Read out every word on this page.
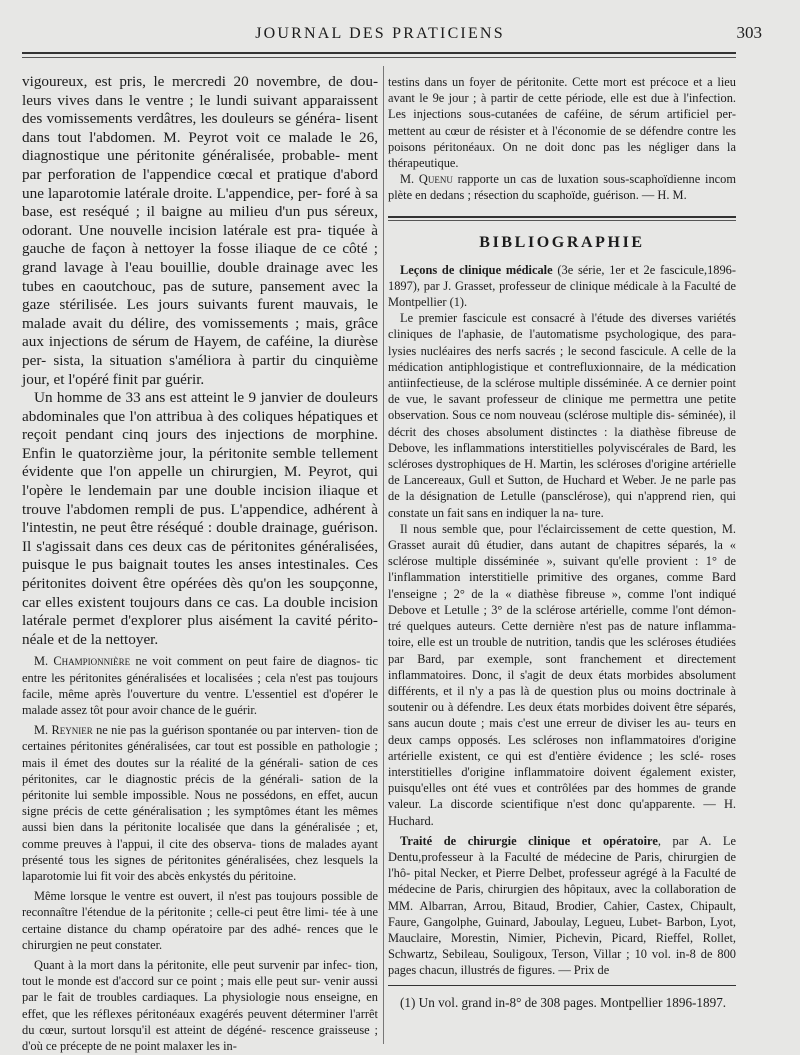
JOURNAL DES PRATICIENS	303
vigoureux, est pris, le mercredi 20 novembre, de dou- leurs vives dans le ventre ; le lundi suivant apparaissent des vomissements verdâtres, les douleurs se généra- lisent dans tout l'abdomen. M. Peyrot voit ce malade le 26, diagnostique une péritonite généralisée, probable- ment par perforation de l'appendice cœcal et pratique d'abord une laparotomie latérale droite. L'appendice, per- foré à sa base, est reséqué ; il baigne au milieu d'un pus séreux, odorant. Une nouvelle incision latérale est pra- tiquée à gauche de façon à nettoyer la fosse iliaque de ce côté ; grand lavage à l'eau bouillie, double drainage avec les tubes en caoutchouc, pas de suture, pansement avec la gaze stérilisée. Les jours suivants furent mauvais, le malade avait du délire, des vomissements ; mais, grâce aux injections de sérum de Hayem, de caféine, la diurèse per- sista, la situation s'améliora à partir du cinquième jour, et l'opéré finit par guérir.
Un homme de 33 ans est atteint le 9 janvier de douleurs abdominales que l'on attribua à des coliques hépatiques et reçoit pendant cinq jours des injections de morphine. Enfin le quatorzième jour, la péritonite semble tellement évidente que l'on appelle un chirurgien, M. Peyrot, qui l'opère le lendemain par une double incision iliaque et trouve l'abdomen rempli de pus. L'appendice, adhérent à l'intestin, ne peut être réséqué : double drainage, guérison. Il s'agissait dans ces deux cas de péritonites généralisées, puisque le pus baignait toutes les anses intestinales. Ces péritonites doivent être opérées dès qu'on les soupçonne, car elles existent toujours dans ce cas. La double incision latérale permet d'explorer plus aisément la cavité périto- néale et de la nettoyer.
M. Championnière ne voit comment on peut faire de diagnos- tic entre les péritonites généralisées et localisées ; cela n'est pas toujours facile, même après l'ouverture du ventre. L'essentiel est d'opérer le malade assez tôt pour avoir chance de le guérir.
M. Reynier ne nie pas la guérison spontanée ou par interven- tion de certaines péritonites généralisées, car tout est possible en pathologie ; mais il émet des doutes sur la réalité de la générali- sation de ces péritonites, car le diagnostic précis de la générali- sation de la péritonite lui semble impossible. Nous ne possédons, en effet, aucun signe précis de cette généralisation ; les symptômes étant les mêmes aussi bien dans la péritonite localisée que dans la généralisée ; et, comme preuves à l'appui, il cite des observa- tions de malades ayant présenté tous les signes de péritonites généralisées, chez lesquels la laparotomie lui fit voir des abcès enkystés du péritoine.
Même lorsque le ventre est ouvert, il n'est pas toujours possible de reconnaître l'étendue de la péritonite ; celle-ci peut être limi- tée à une certaine distance du champ opératoire par des adhé- rences que le chirurgien ne peut constater.
Quant à la mort dans la péritonite, elle peut survenir par infec- tion, tout le monde est d'accord sur ce point ; mais elle peut sur- venir aussi par le fait de troubles cardiaques. La physiologie nous enseigne, en effet, que les réflexes péritonéaux exagérés peuvent déterminer l'arrêt du cœur, surtout lorsqu'il est atteint de dégéné- rescence graisseuse ; d'où ce précepte de ne point malaxer les in-
testins dans un foyer de péritonite. Cette mort est précoce et a lieu avant le 9e jour ; à partir de cette période, elle est due à l'infection. Les injections sous-cutanées de caféine, de sérum artificiel per- mettent au cœur de résister et à l'économie de se défendre contre les poisons péritonéaux. On ne doit donc pas les négliger dans la thérapeutique.
M. Quenu rapporte un cas de luxation sous-scaphoïdienne incom plète en dedans ; résection du scaphoïde, guérison. — H. M.
BIBLIOGRAPHIE
Leçons de clinique médicale (3e série, 1er et 2e fascicule,1896-1897), par J. Grasset, professeur de clinique médicale à la Faculté de Montpellier (1).
Le premier fascicule est consacré à l'étude des diverses variétés cliniques de l'aphasie, de l'automatisme psychologique, des para- lysies nucléaires des nerfs sacrés ; le second fascicule. A celle de la médication antiphlogistique et contrefluxionnaire, de la médication antiinfectieuse, de la sclérose multiple disséminée. A ce dernier point de vue, le savant professeur de clinique me permettra une petite observation. Sous ce nom nouveau (sclérose multiple dis- séminée), il décrit des choses absolument distinctes : la diathèse fibreuse de Debove, les inflammations interstitielles polyviscérales de Bard, les scléroses dystrophiques de H. Martin, les scléroses d'origine artérielle de Lancereaux, Gull et Sutton, de Huchard et Weber. Je ne parle pas de la désignation de Letulle (pansclérose), qui n'apprend rien, qui constate un fait sans en indiquer la na- ture.
Il nous semble que, pour l'éclaircissement de cette question, M. Grasset aurait dû étudier, dans autant de chapitres séparés, la « sclérose multiple disséminée », suivant qu'elle provient : 1° de l'inflammation interstitielle primitive des organes, comme Bard l'enseigne ; 2° de la « diathèse fibreuse », comme l'ont indiqué Debove et Letulle ; 3° de la sclérose artérielle, comme l'ont démon- tré quelques auteurs. Cette dernière n'est pas de nature inflamma- toire, elle est un trouble de nutrition, tandis que les scléroses étudiées par Bard, par exemple, sont franchement et directement inflammatoires. Donc, il s'agit de deux états morbides absolument différents, et il n'y a pas là de question plus ou moins doctrinale à soutenir ou à défendre. Les deux états morbides doivent être séparés, sans aucun doute ; mais c'est une erreur de diviser les au- teurs en deux camps opposés. Les scléroses non inflammatoires d'origine artérielle existent, ce qui est d'entière évidence ; les sclé- roses interstitielles d'origine inflammatoire doivent également exister, puisqu'elles ont été vues et contrôlées par des hommes de grande valeur. La discorde scientifique n'est donc qu'apparente. — H. Huchard.
Traité de chirurgie clinique et opératoire, par A. Le Dentu,professeur à la Faculté de médecine de Paris, chirurgien de l'hô- pital Necker, et Pierre Delbet, professeur agrégé à la Faculté de médecine de Paris, chirurgien des hôpitaux, avec la collaboration de MM. Albarran, Arrou, Bitaud, Brodier, Cahier, Castex, Chipault, Faure, Gangolphe, Guinard, Jaboulay, Legueu, Lubet- Barbon, Lyot, Mauclaire, Morestin, Nimier, Pichevin, Picard, Rieffel, Rollet, Schwartz, Sebileau, Souligoux, Terson, Villar ; 10 vol. in-8 de 800 pages chacun, illustrés de figures. — Prix de
(1) Un vol. grand in-8° de 308 pages. Montpellier 1896-1897.
